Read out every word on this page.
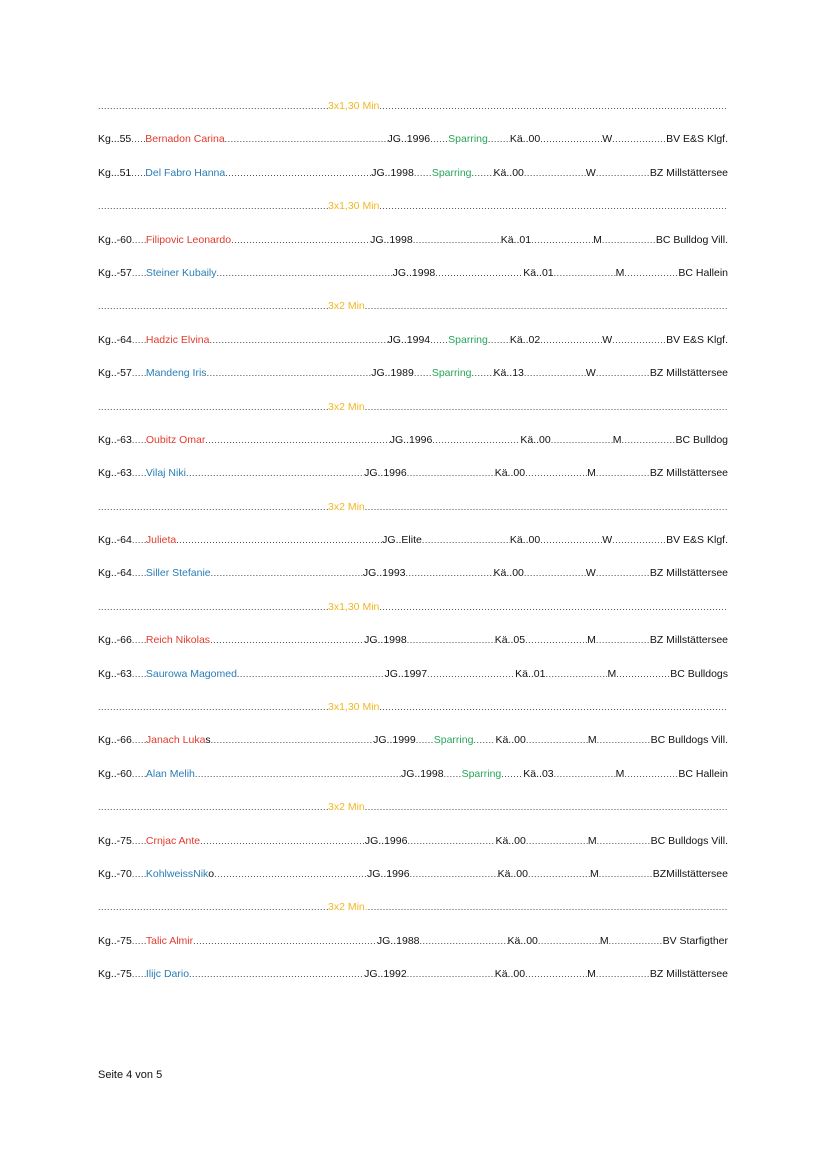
.....
3x1,30 Min
.....
Kg...55 ..... Bernadon Carina .....	JG..1996 ..... Sparring ..... Kä..00 .....	W .....	BV E&S Klgf.
Kg...51 ..... Del Fabro Hanna .....	JG..1998 ..... Sparring ..... Kä..00 .....	W .....	BZ Millstättersee
.....
3x1,30 Min
.....
Kg..-60 ..... Filipovic Leonardo .....	JG..1998 .....	Kä..01 .....	M .....	BC Bulldog Vill.
Kg..-57 ..... Steiner Kubaily .....	JG..1998 .....	Kä..01 .....	M .....	BC Hallein
.....
3x2 Min
.....
Kg..-64 ..... Hadzic Elvina .....	JG..1994 ..... Sparring ..... Kä..02 .....	W .....	BV E&S Klgf.
Kg..-57 ..... Mandeng Iris .....	JG..1989 ..... Sparring ..... Kä..13 .....	W .....	BZ Millstättersee
.....
3x2 Min
.....
Kg..-63 ..... Oubitz Omar .....	JG..1996 .....	Kä..00 .....	M .....	BC Bulldog
Kg..-63 ..... Vilaj Niki .....	JG..1996 .....	Kä..00 .....	M .....	BZ Millstättersee
.....
3x2 Min
.....
Kg..-64 ..... Julieta .....	JG..Elite .....	Kä..00 .....	W .....	BV E&S Klgf.
Kg..-64 ..... Siller Stefanie .....	JG..1993 .....	Kä..00 .....	W .....	BZ Millstättersee
.....
3x1,30 Min
.....
Kg..-66 ..... Reich Nikolas .....	JG..1998 .....	Kä..05 .....	M .....	BZ Millstättersee
Kg..-63 ..... Saurowa Magomed .....	JG..1997 .....	Kä..01 .....	M .....	BC Bulldogs
.....
3x1,30 Min
.....
Kg..-66 ..... Janach Luka s .....	JG..1999 ..... Sparring ..... Kä..00 .....	M .....	BC Bulldogs Vill.
Kg..-60 ..... Alan Melih .....	JG..1998 ..... Sparring ..... Kä..03 .....	M .....	BC Hallein
.....
3x2 Min
.....
Kg..-75 ..... Crnjac Ante .....	JG..1996 .....	Kä..00 .....	M .....	BC Bulldogs Vill.
Kg..-70 ..... KohlweissNik o .....	JG..1996 .....	Kä..00 .....	M .....	BZMillstättersee
.....
3x2 Min.
.....
Kg..-75 ..... Talic Almir .....	JG..1988 .....	Kä..00 .....	M .....	BV Starfigther
Kg..-75 ..... Ilijc Dario .....	JG..1992 .....	Kä..00 .....	M .....	BZ Millstättersee
Seite 4 von 5
